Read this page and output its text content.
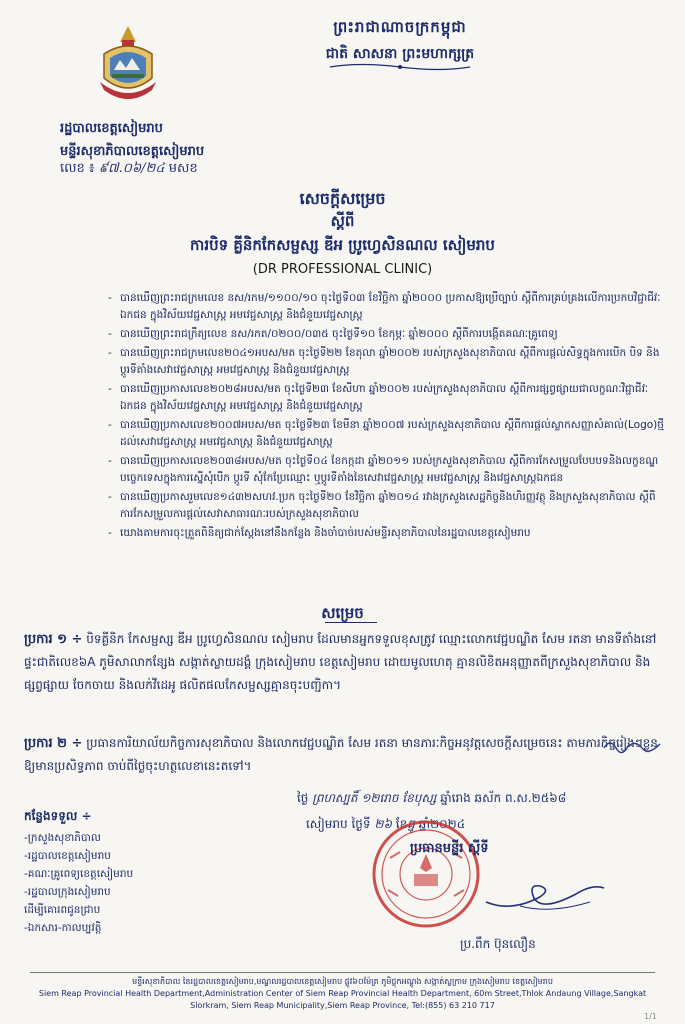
ព្រះរាជាណាចក្រកម្ពុជា
ជាតិ សាសនា ព្រះមហាក្សត្រ
រដ្ឋបាលខេត្តសៀមរាប
មន្ទីរសុខាភិបាលខេត្តសៀមរាប
លេខ ៖ ៩៧.០៦/២៤ មសខ
សេចក្តីសម្រេច
ស្តីពី
ការបិទ គ្លីនិកកែសម្ផស្ស ឌីអ ប្រូហ្វេសិនណល សៀមរាប
(DR PROFESSIONAL CLINIC)
- បានឃើញព្រះរាជក្រមលេខ នស/រកម/១១០០/១០ ចុះថ្ងៃទី០៣ ខែវិច្ឆិកា ឆ្នាំ២០០០ ប្រកាសឱ្យប្រើច្បាប់ ស្តីពីការគ្រប់គ្រងលើការប្រកបវិជ្ជាជីវៈឯកជន ក្នុងវិស័យវេជ្ជសាស្ត្រ អមវេជ្ជសាស្ត្រ និងជំនួយវេជ្ជសាស្ត្រ
- បានឃើញព្រះរាជក្រឹត្យលេខ នស/រកត/០២០០/០៣៥ ចុះថ្ងៃទី១០ ខែកុម្ភៈ ឆ្នាំ២០០០ ស្តីពីការបង្កើតគណៈគ្រូពេទ្យ
- បានឃើញព្រះរាជក្រមលេខ២០៤១អបស/មត ចុះថ្ងៃទី២២ ខែតុលា ឆ្នាំ២០០២ របស់ក្រសួងសុខាភិបាល ស្តីពីការផ្តល់សិទ្ធក្នុងការបើក បិទ និងប្តូរទីតាំងសេវាវេជ្ជសាស្ត្រ អមវេជ្ជសាស្ត្រ និងជំនួយវេជ្ជសាស្ត្រ
- បានឃើញប្រកាសលេខ២០២៨អបស/មត ចុះថ្ងៃទី២៣ ខែសីហា ឆ្នាំ២០០២ របស់ក្រសួងសុខាភិបាល ស្តីពីការផ្សព្វផ្សាយជាលក្ខណៈវិជ្ជាជីវៈឯកជន ក្នុងវិស័យវេជ្ជសាស្ត្រ អមវេជ្ជសាស្ត្រ និងជំនួយវេជ្ជសាស្ត្រ
- បានឃើញប្រកាសលេខ២០០៧អបស/មត ចុះថ្ងៃទី២៣ ខែមីនា ឆ្នាំ២០០៧ របស់ក្រសួងសុខាភិបាល ស្តីពីការផ្តល់ស្លាកសញ្ញាសំគាល់(Logo)ថ្មី ដល់សេវាវេជ្ជសាស្ត្រ អមវេជ្ជសាស្ត្រ និងជំនួយវេជ្ជសាស្ត្រ
- បានឃើញប្រកាសលេខ២០៣៨អបស/មត ចុះថ្ងៃទី០៤ ខែកក្កដា ឆ្នាំ២០១១ របស់ក្រសួងសុខាភិបាល ស្តីពីការកែសម្រួលបែបបទនិងលក្ខខណ្ឌបច្ចេកទេសក្នុងការស្នើសុំបើក ប្តូរទី សុំកែប្រែឈ្មោះ ឬប្តូរទីតាំងនៃសេវាវេជ្ជសាស្ត្រ អមវេជ្ជសាស្ត្រ និងវេជ្ជសាស្ត្រឯកជន
- បានឃើញប្រកាសរួមលេខ១៤៣២សហវ.ប្រក ចុះថ្ងៃទី២០ ខែវិច្ឆិកា ឆ្នាំ២០១៤ រវាងក្រសួងសេដ្ឋកិច្ចនិងហិរញ្ញវត្ថុ និងក្រសួងសុខាភិបាល ស្តីពីការកែសម្រួលការផ្តល់សេវាសាធារណៈរបស់ក្រសួងសុខាភិបាល
- យោងតាមការចុះត្រួតពិនិត្យជាក់ស្តែងនៅនឹងកន្លែង និងចាំបាច់របស់មន្ទីរសុខាភិបាលនៃរដ្ឋបាលខេត្តសៀមរាប
សម្រេច
ប្រការ ១ ÷ បិទគ្លីនិក កែសម្ផស្ស ឌីអ ប្រូហ្វេសិនណល សៀមរាប ដែលមានអ្នកទទួលខុសត្រូវ ឈ្មោះលោកវេជ្ជបណ្ឌិត សែម រតនា មានទីតាំងនៅផ្ទះជាតិលេខ៦A ភូមិសាលាកន្សែង សង្កាត់ស្លាយដង្គំ ក្រុងសៀមរាប ខេត្តសៀមរាប ដោយមូលហេតុ គ្មានលិខិតអនុញ្ញាតពីក្រសួងសុខាភិបាល និងផ្សព្វផ្សាយ ចែកចាយ និងលក់វីដេអូ ផលិតផលកែសម្ផស្សគ្មានចុះបញ្ជិកា។
ប្រការ ២ ÷ ប្រធានការិយាល័យកិច្ចការសុខាភិបាល និងលោកវេជ្ជបណ្ឌិត សែម រតនា មានភារៈកិច្ចអនុវត្តសេចក្តីសម្រេចនេះ តាមភារកិច្ចរៀងៗខ្លួនឱ្យមានប្រសិទ្ធភាព ចាប់ពីថ្ងៃចុះហត្ថលេខានេះតទៅ។
ថ្ងៃ ព្រហស្បតិ៍ ១២រោច ខែបុស្ស ឆ្នាំរោង ឆស័ក ព.ស.២៥៦៨
សៀមរាប ថ្ងៃទី ២៦ ខែធ្នូ ឆ្នាំ២០២៤
កន្លែងទទួល ÷
-ក្រសួងសុខាភិបាល
-រដ្ឋបាលខេត្តសៀមរាប
-គណៈគ្រូពេទ្យខេត្តសៀមរាប
-រដ្ឋបាលក្រុងសៀមរាប
ដើម្បីគោរពជូនជ្រាប
-ឯកសារ-កាលប្បវត្តិ
ប្រធានមន្ទីរ ស្តីទី
ប្រ.ពឹក ប៊ុនលឿន
មន្ទីរសុខាភិបាល នៃរដ្ឋបាលខេត្តសៀមរាប,មណ្ឌលរដ្ឋបាលខេត្តសៀមរាប ផ្លូវ៦០ម៉ែត្រ ភូមិថ្លុកអណ្តូង សង្កាត់ស្លក្រាម ក្រុងសៀមរាប ខេត្តសៀមរាប
Siem Reap Provincial Health Department,Administration Center of Siem Reap Provincial Health Department, 60m Street,Thlok Andaung Village,Sangkat
Slorkram, Siem Reap Municipality,Siem Reap Province, Tel:(855) 63 210 717
1/1
